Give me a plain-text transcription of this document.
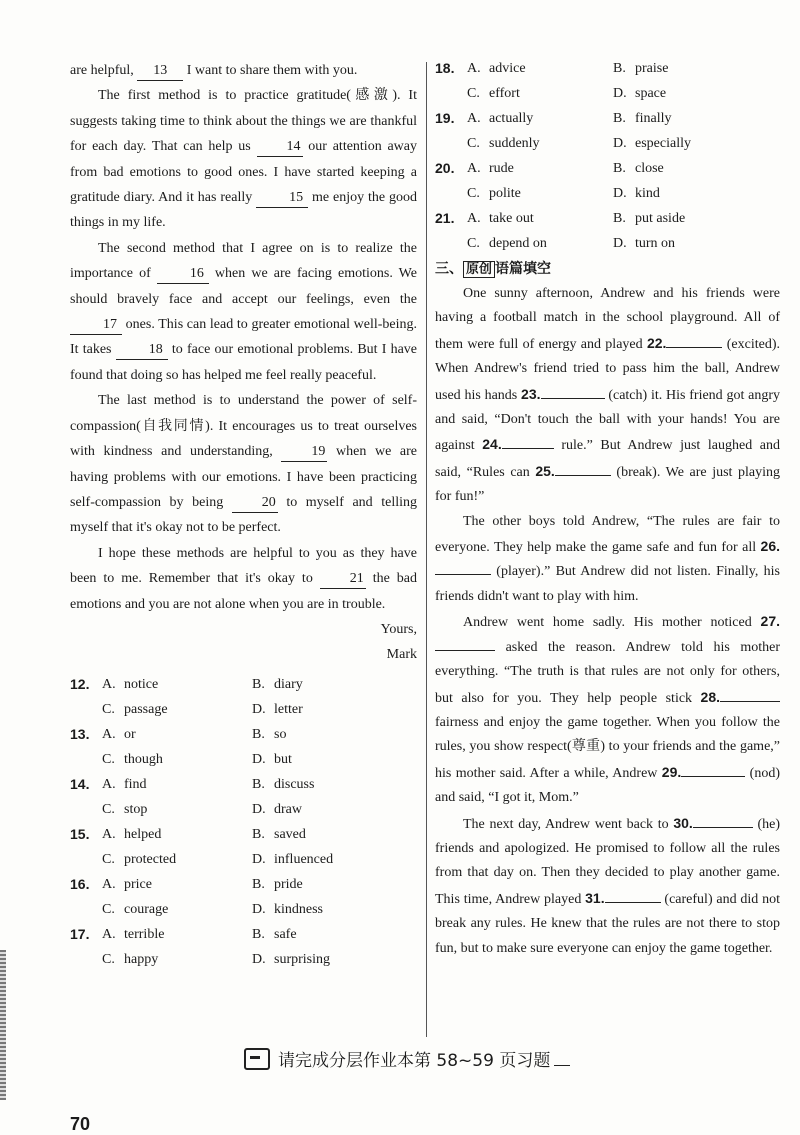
are helpful, 13 I want to share them with you.

The first method is to practice gratitude(感激). It suggests taking time to think about the things we are thankful for each day. That can help us	14 our attention away from bad emotions to good ones. I have started keeping a gratitude diary. And it has really	15 me enjoy the good things in my life.

The second method that I agree on is to realize the importance of	16 when we are facing emotions. We should bravely face and accept our feelings, even the 17 ones. This can lead to greater emotional well-being. It takes	18 to face our emotional problems. But I have found that doing so has helped me feel really peaceful.

The last method is to understand the power of self-compassion(自我同情). It encourages us to treat ourselves with kindness and understanding,	19 when we are having problems with our emotions. I have been practicing self-compassion by being	20 to myself and telling myself that it's okay not to be perfect.

I hope these methods are helpful to you as they have been to me. Remember that it's okay to	21 the bad emotions and you are not alone when you are in trouble.

Yours,

Mark

12. A. notice	B. diary
C. passage	D. letter
13. A. or	B. so
C. though	D. but
14. A. find	B. discuss
C. stop	D. draw
15. A. helped	B. saved
C. protected	D. influenced
16. A. price	B. pride
C. courage	D. kindness
17. A. terrible	B. safe
C. happy	D. surprising
18. A. advice	B. praise
C. effort	D. space
19. A. actually	B. finally
C. suddenly	D. especially
20. A. rude	B. close
C. polite	D. kind
21. A. take out	B. put aside
C. depend on	D. turn on
三、 原创 语篇填空

One sunny afternoon, Andrew and his friends were having a football match in the school playground. All of them were full of energy and played 22.	(excited). When Andrew's friend tried to pass him the ball, Andrew used his hands 23.	(catch) it. His friend got angry and said, “Don't touch the ball with your hands! You are against 24.	rule.” But Andrew just laughed and said, “Rules can 25.	(break). We are just playing for fun!”

The other boys told Andrew, “The rules are fair to everyone. They help make the game safe and fun for all 26. (player).” But Andrew did not listen. Finally, his friends didn't want to play with him.

Andrew went home sadly. His mother noticed 27. asked the reason. Andrew told his mother everything. “The truth is that rules are not only for others, but also for you. They help people stick 28. fairness and enjoy the game together. When you follow the rules, you show respect(尊重) to your friends and the game,” his mother said. After a while, Andrew 29.	(nod) and said, “I got it, Mom.”

The next day, Andrew went back to 30.	(he) friends and apologized. He promised to follow all the rules from that day on. Then they decided to play another game. This time, Andrew played 31.	(careful) and did not break any rules. He knew that the rules are not there to stop fun, but to make sure everyone can enjoy the game together.

请完成分层作业本第 58~59 页习题
70
